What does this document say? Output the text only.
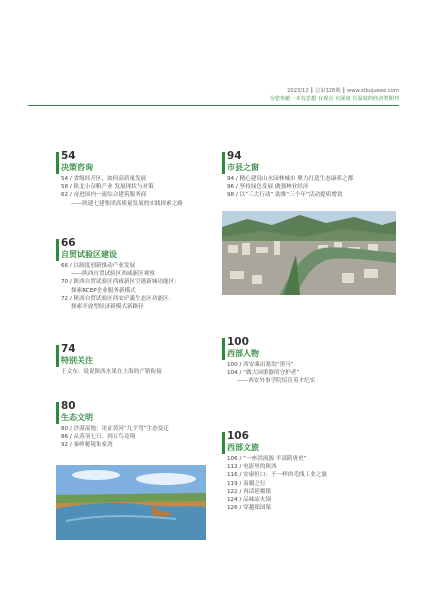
2023/12 ┃ 总第328期 ┃ www.xibujueee.com
为您奉献一本有思想 有观点 有深度 有温度的经济类期刊
54
决策咨询
54 / 省级经开区，如何高质量发展
58 / 陕北小杂粮产业 发展现状与对策
62 / 奋进国内一流综合建筑服务商
——陕建七建集团高质量发展的实践探索之路
94
市县之窗
94 / 精心建设山水园林城市 聚力打造生态康养之都
96 / 坚持绿色发展 做强林业经济
98 / 以“三大行动” 助推“三个年”活动提质增效
66
自贸试验区建设
66 / 以制度创新推动产业发展
——陕西自贸试验区西咸新区观察
70 / 陕西自贸试验区西咸新区空港新城功能区：
探索RCEP企业服务新模式
72 / 陕西自贸试验区西安浐灞生态区功能区：
探索开放型经济新模式新路径
74
特别关注
王文东：说说陕西水果在上海的产销衔接
100
西部人物
100 / 西安乘出塞翁“黑马”
104 / “做大园重器的守护者”
——西安外事学院培育英才纪实
80
生态文明
80 / 沙漠湿地：见证黄河“几字弯”生态变迁
86 / 从蒸羽七只，到万鸟竟翔
92 / 秦岭秘境朱家湾
106
西部文旅
106 / “一座洪流源 半部隋唐史”
112 / 电影里的陕西
116 / 安康恒口：不一样的毛线工业之旅
119 / 南疆之行
122 / 再话延榴镇
124 / 品味凉火锅
126 / 穿越郑国渠
